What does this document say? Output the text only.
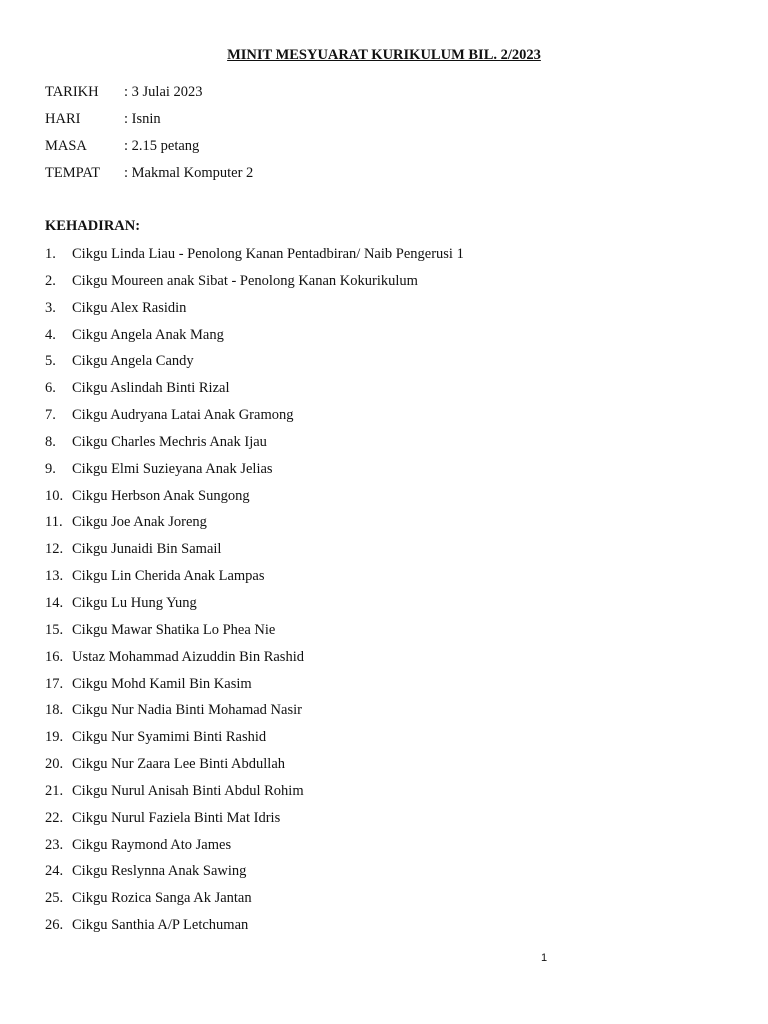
MINIT MESYUARAT KURIKULUM BIL. 2/2023
TARIKH	: 3 Julai 2023
HARI	: Isnin
MASA	: 2.15 petang
TEMPAT	: Makmal Komputer 2
KEHADIRAN:
1.	Cikgu Linda Liau - Penolong Kanan Pentadbiran/ Naib Pengerusi 1
2.	Cikgu Moureen anak Sibat - Penolong Kanan Kokurikulum
3.	Cikgu Alex Rasidin
4.	Cikgu Angela Anak Mang
5.	Cikgu Angela Candy
6.	Cikgu Aslindah Binti Rizal
7.	Cikgu Audryana Latai Anak Gramong
8.	Cikgu Charles Mechris Anak Ijau
9.	Cikgu Elmi Suzieyana Anak Jelias
10. Cikgu Herbson Anak Sungong
11. Cikgu Joe Anak Joreng
12. Cikgu Junaidi Bin Samail
13. Cikgu Lin Cherida Anak Lampas
14. Cikgu Lu Hung Yung
15. Cikgu Mawar Shatika Lo Phea Nie
16. Ustaz Mohammad Aizuddin Bin Rashid
17. Cikgu Mohd Kamil Bin Kasim
18. Cikgu Nur Nadia Binti Mohamad Nasir
19. Cikgu Nur Syamimi Binti Rashid
20. Cikgu Nur Zaara Lee Binti Abdullah
21. Cikgu Nurul Anisah Binti Abdul Rohim
22. Cikgu Nurul Faziela Binti Mat Idris
23. Cikgu Raymond Ato James
24. Cikgu Reslynna Anak Sawing
25. Cikgu Rozica Sanga Ak Jantan
26. Cikgu Santhia A/P Letchuman
1
